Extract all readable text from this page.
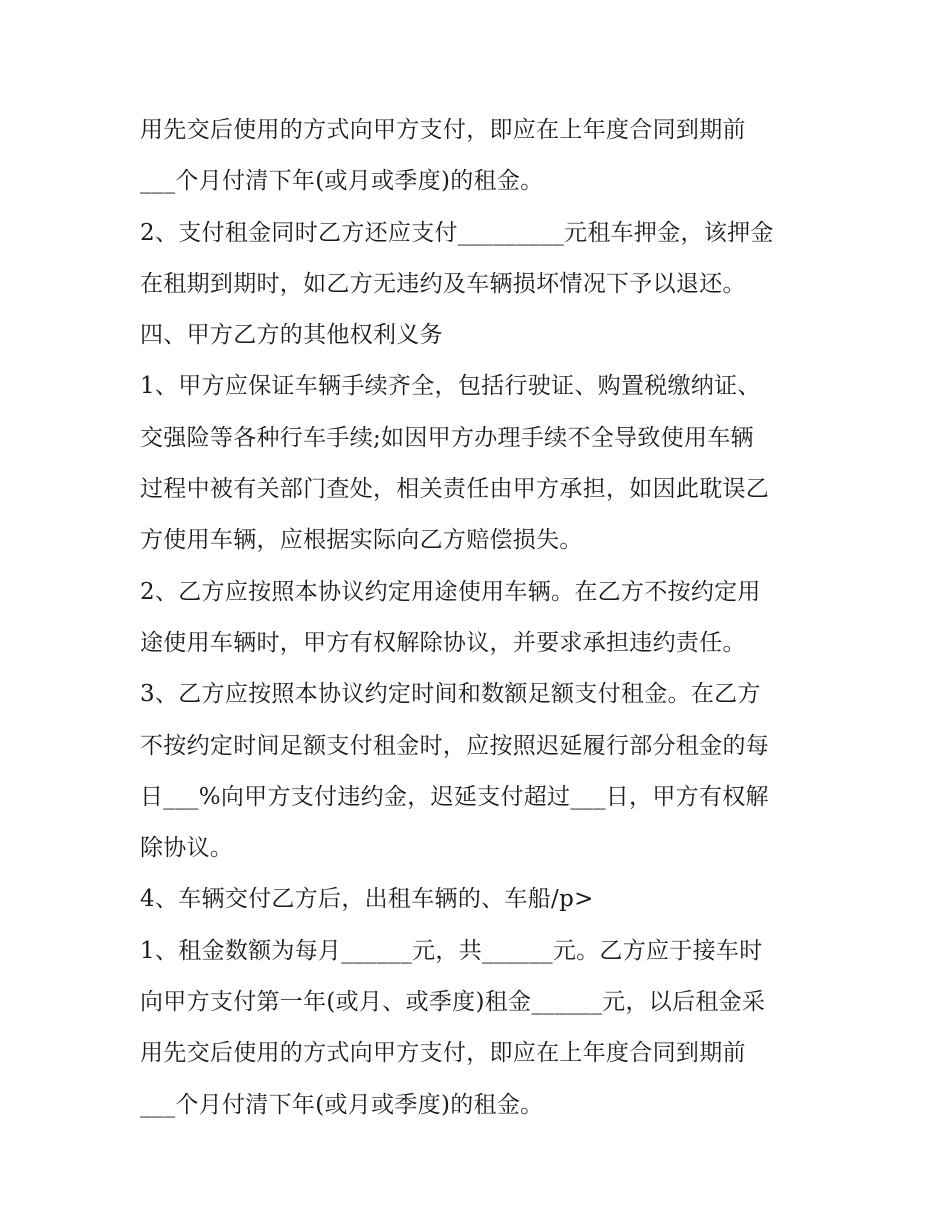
用先交后使用的方式向甲方支付，即应在上年度合同到期前
___个月付清下年(或月或季度)的租金。
2、支付租金同时乙方还应支付_________元租车押金，该押金
在租期到期时，如乙方无违约及车辆损坏情况下予以退还。
四、甲方乙方的其他权利义务
1、甲方应保证车辆手续齐全，包括行驶证、购置税缴纳证、
交强险等各种行车手续;如因甲方办理手续不全导致使用车辆
过程中被有关部门查处，相关责任由甲方承担，如因此耽误乙
方使用车辆，应根据实际向乙方赔偿损失。
2、乙方应按照本协议约定用途使用车辆。在乙方不按约定用
途使用车辆时，甲方有权解除协议，并要求承担违约责任。
3、乙方应按照本协议约定时间和数额足额支付租金。在乙方
不按约定时间足额支付租金时，应按照迟延履行部分租金的每
日___%向甲方支付违约金，迟延支付超过___日，甲方有权解
除协议。
4、车辆交付乙方后，出租车辆的、车船/p>
1、租金数额为每月______元，共______元。乙方应于接车时
向甲方支付第一年(或月、或季度)租金______元，以后租金采
用先交后使用的方式向甲方支付，即应在上年度合同到期前
___个月付清下年(或月或季度)的租金。
